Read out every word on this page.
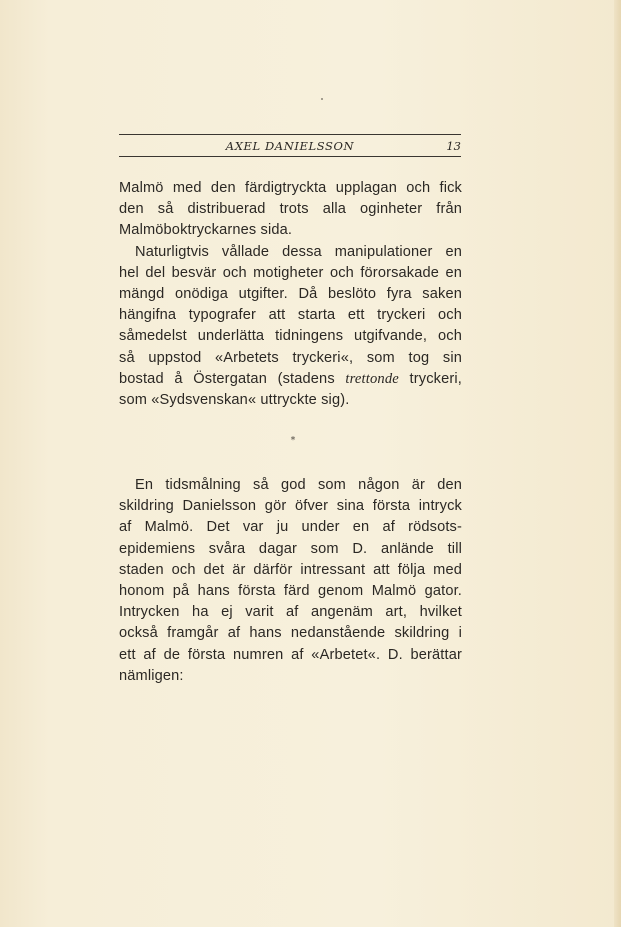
AXEL DANIELSSON	13
Malmö med den färdigtryckta upplagan och fick
den så distribuerad trots alla oginheter från
Malmöboktryckarnes sida.
Naturligtvis vållade dessa manipulationer en
hel del besvär och motigheter och förorsakade en
mängd onödiga utgifter. Då beslöto fyra saken
hängifna typografer att starta ett tryckeri och
såmedelst underlätta tidningens utgifvande, och
så uppstod «Arbetets tryckeri«, som tog sin
bostad å Östergatan (stadens trettonde tryckeri,
som «Sydsvenskan« uttryckte sig).
*
En tidsmålning så god som någon är den
skildring Danielsson gör öfver sina första intryck
af Malmö. Det var ju under en af rödsots-
epidemiens svåra dagar som D. anlände till
staden och det är därför intressant att följa med
honom på hans första färd genom Malmö gator.
Intrycken ha ej varit af angenäm art, hvilket
också framgår af hans nedanstående skildring i
ett af de första numren af «Arbetet«. D. berättar
nämligen:
